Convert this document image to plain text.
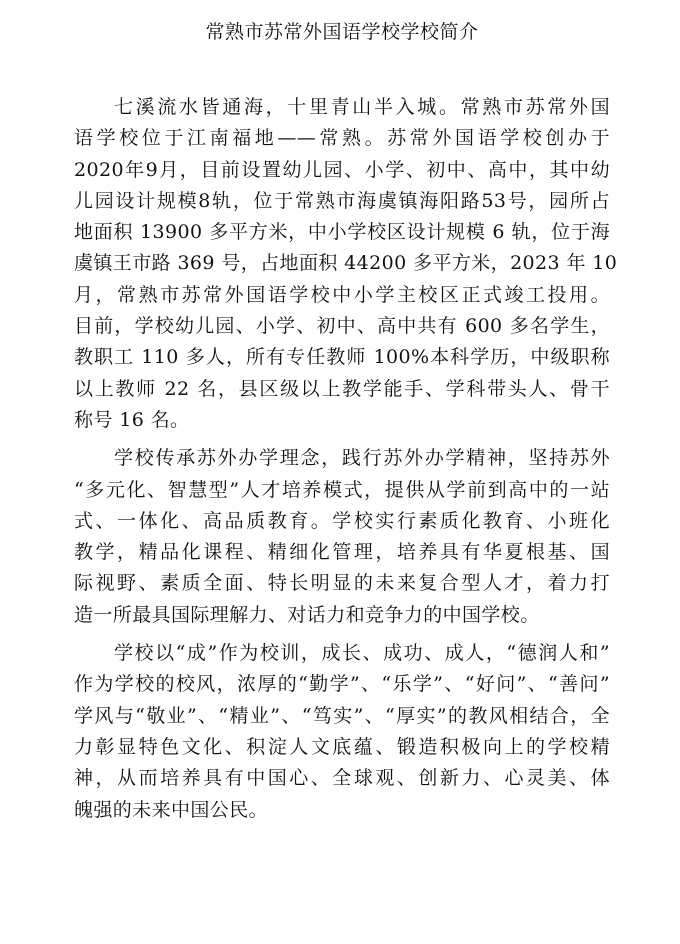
常熟市苏常外国语学校学校简介
七溪流水皆通海，十里青山半入城。常熟市苏常外国
语学校位于江南福地——常熟。苏常外国语学校创办于
2020年9月，目前设置幼儿园、小学、初中、高中，其中幼
儿园设计规模8轨，位于常熟市海虞镇海阳路53号，园所占
地面积 13900 多平方米，中小学校区设计规模 6 轨，位于海
虞镇王市路 369 号，占地面积 44200 多平方米，2023 年 10
月，常熟市苏常外国语学校中小学主校区正式竣工投用。
目前，学校幼儿园、小学、初中、高中共有 600 多名学生，
教职工 110 多人，所有专任教师 100%本科学历，中级职称
以上教师 22 名，县区级以上教学能手、学科带头人、骨干
称号 16 名。
学校传承苏外办学理念，践行苏外办学精神，坚持苏外
“多元化、智慧型”人才培养模式，提供从学前到高中的一站
式、一体化、高品质教育。学校实行素质化教育、小班化
教学，精品化课程、精细化管理，培养具有华夏根基、国
际视野、素质全面、特长明显的未来复合型人才，着力打
造一所最具国际理解力、对话力和竞争力的中国学校。
学校以“成”作为校训，成长、成功、成人，“德润人和”
作为学校的校风，浓厚的“勤学”、“乐学”、“好问”、“善问”
学风与“敬业”、“精业”、“笃实”、“厚实”的教风相结合，全
力彰显特色文化、积淀人文底蕴、锻造积极向上的学校精
神，从而培养具有中国心、全球观、创新力、心灵美、体
魄强的未来中国公民。
